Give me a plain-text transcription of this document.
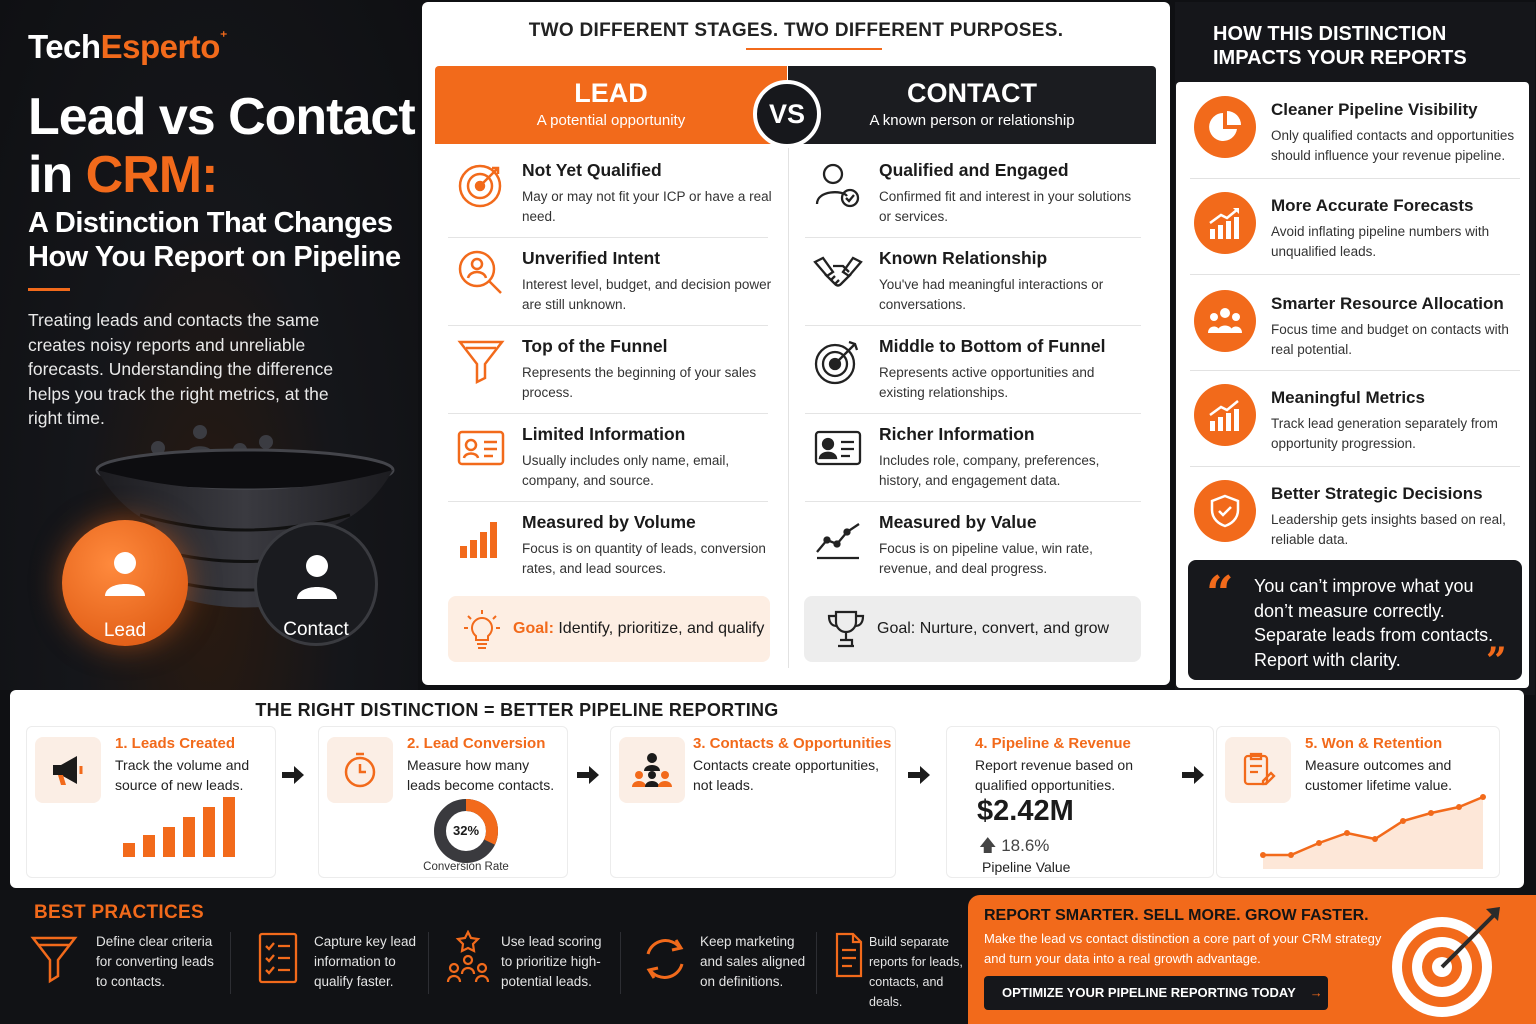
TechEsperto⁺
Lead vs Contact
in CRM:
A Distinction That Changes How You Report on Pipeline
Treating leads and contacts the same creates noisy reports and unreliable forecasts. Understanding the difference helps you track the right metrics, at the right time.
Lead	Contact
TWO DIFFERENT STAGES. TWO DIFFERENT PURPOSES.
LEAD
A potential opportunity
CONTACT
A known person or relationship
VS
Not Yet Qualified
May or may not fit your ICP or have a real need.
Unverified Intent
Interest level, budget, and decision power are still unknown.
Top of the Funnel
Represents the beginning of your sales process.
Limited Information
Usually includes only name, email, company, and source.
Measured by Volume
Focus is on quantity of leads, conversion rates, and lead sources.
Qualified and Engaged
Confirmed fit and interest in your solutions or services.
Known Relationship
You've had meaningful interactions or conversations.
Middle to Bottom of Funnel
Represents active opportunities and existing relationships.
Richer Information
Includes role, company, preferences, history, and engagement data.
Measured by Value
Focus is on pipeline value, win rate, revenue, and deal progress.
Goal: Identify, prioritize, and qualify	Goal: Nurture, convert, and grow
HOW THIS DISTINCTION
IMPACTS YOUR REPORTS
Cleaner Pipeline Visibility
Only qualified contacts and opportunities should influence your revenue pipeline.
More Accurate Forecasts
Avoid inflating pipeline numbers with unqualified leads.
Smarter Resource Allocation
Focus time and budget on contacts with real potential.
Meaningful Metrics
Track lead generation separately from opportunity progression.
Better Strategic Decisions
Leadership gets insights based on real, reliable data.
“ You can’t improve what you don’t measure correctly. Separate leads from contacts. Report with clarity.	”
THE RIGHT DISTINCTION = BETTER PIPELINE REPORTING
1. Leads Created
Track the volume and source of new leads.
2. Lead Conversion
Measure how many leads become contacts.
32%
Conversion Rate
3. Contacts & Opportunities
Contacts create opportunities, not leads.
4. Pipeline & Revenue
Report revenue based on qualified opportunities.
$2.42M
🡅 18.6%
Pipeline Value
5. Won & Retention
Measure outcomes and customer lifetime value.
BEST PRACTICES
Define clear criteria for converting leads to contacts.
Capture key lead information to qualify faster.
Use lead scoring to prioritize high-potential leads.
Keep marketing and sales aligned on definitions.
Build separate reports for leads, contacts, and deals.
REPORT SMARTER. SELL MORE. GROW FASTER.
Make the lead vs contact distinction a core part of your CRM strategy and turn your data into a real growth advantage.
OPTIMIZE YOUR PIPELINE REPORTING TODAY →
